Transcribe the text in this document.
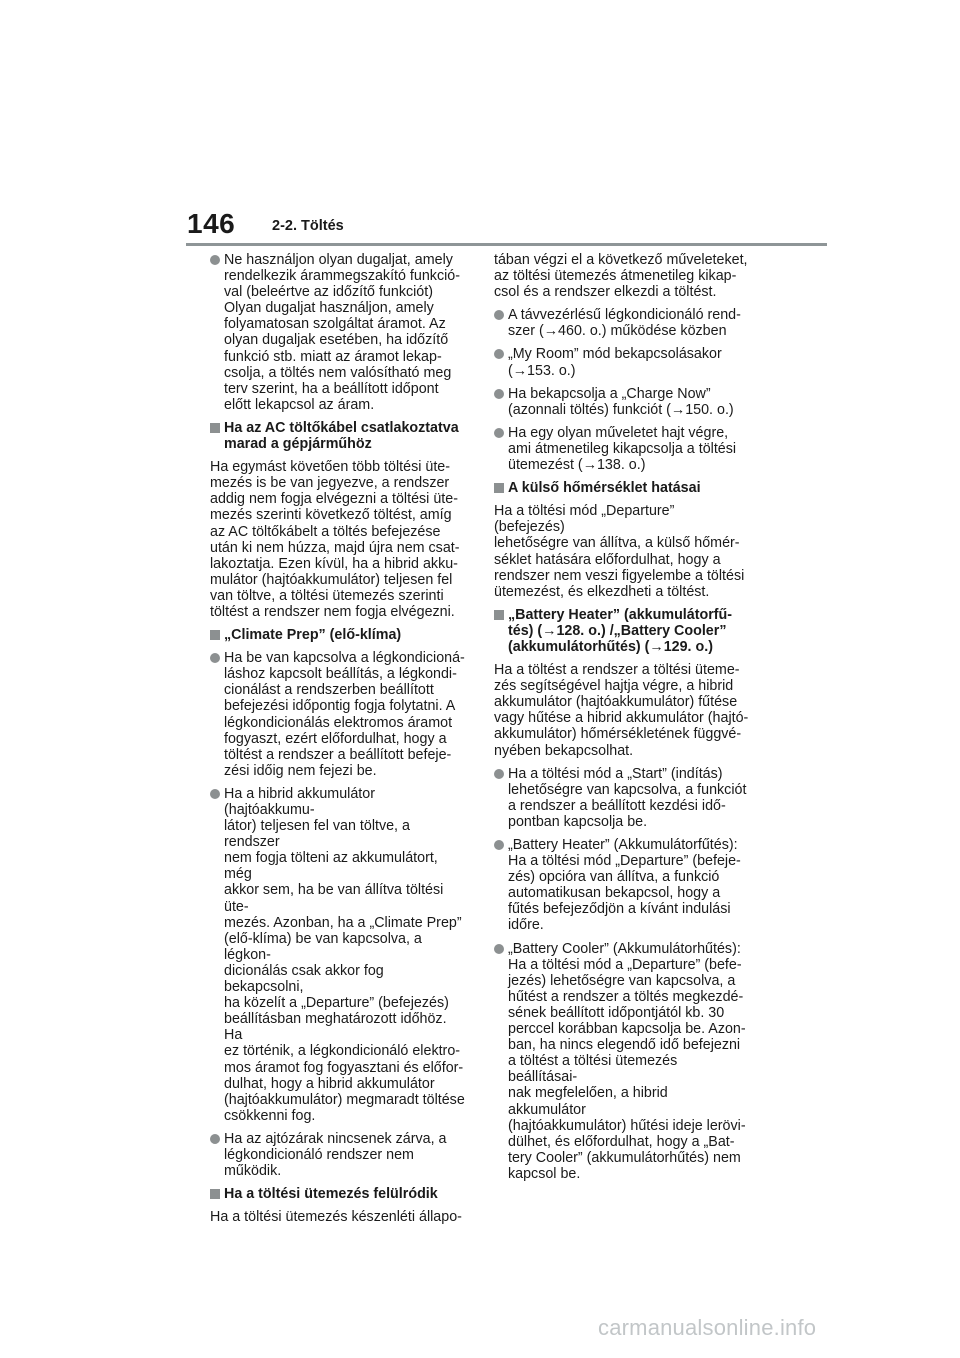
146	2-2. Töltés
Ne használjon olyan dugaljat, amely
rendelkezik árammegszakító funkció-
val (beleértve az időzítő funkciót)
Olyan dugaljat használjon, amely
folyamatosan szolgáltat áramot. Az
olyan dugaljak esetében, ha időzítő
funkció stb. miatt az áramot lekap-
csolja, a töltés nem valósítható meg
terv szerint, ha a beállított időpont
előtt lekapcsol az áram.
Ha az AC töltőkábel csatlakoztatva
marad a gépjárműhöz
Ha egymást követően több töltési üte-
mezés is be van jegyezve, a rendszer
addig nem fogja elvégezni a töltési üte-
mezés szerinti következő töltést, amíg
az AC töltőkábelt a töltés befejezése
után ki nem húzza, majd újra nem csat-
lakoztatja. Ezen kívül, ha a hibrid akku-
mulátor (hajtóakkumulátor) teljesen fel
van töltve, a töltési ütemezés szerinti
töltést a rendszer nem fogja elvégezni.
„Climate Prep” (elő-klíma)
Ha be van kapcsolva a légkondicioná-
láshoz kapcsolt beállítás, a légkondi-
cionálást a rendszerben beállított
befejezési időpontig fogja folytatni. A
légkondicionálás elektromos áramot
fogyaszt, ezért előfordulhat, hogy a
töltést a rendszer a beállított befeje-
zési időig nem fejezi be.
Ha a hibrid akkumulátor (hajtóakkumu-
látor) teljesen fel van töltve, a rendszer
nem fogja tölteni az akkumulátort, még
akkor sem, ha be van állítva töltési üte-
mezés. Azonban, ha a „Climate Prep”
(elő-klíma) be van kapcsolva, a légkon-
dicionálás csak akkor fog bekapcsolni,
ha közelít a „Departure” (befejezés)
beállításban meghatározott időhöz. Ha
ez történik, a légkondicionáló elektro-
mos áramot fog fogyasztani és előfor-
dulhat, hogy a hibrid akkumulátor
(hajtóakkumulátor) megmaradt töltése
csökkenni fog.
Ha az ajtózárak nincsenek zárva, a
légkondicionáló rendszer nem
működik.
Ha a töltési ütemezés felülródik
Ha a töltési ütemezés készenléti állapo-
tában végzi el a következő műveleteket,
az töltési ütemezés átmenetileg kikap-
csol és a rendszer elkezdi a töltést.
A távvezérlésű légkondicionáló rend-
szer (→460. o.) működése közben
„My Room” mód bekapcsolásakor
(→153. o.)
Ha bekapcsolja a „Charge Now”
(azonnali töltés) funkciót (→150. o.)
Ha egy olyan műveletet hajt végre,
ami átmenetileg kikapcsolja a töltési
ütemezést (→138. o.)
A külső hőmérséklet hatásai
Ha a töltési mód „Departure” (befejezés)
lehetőségre van állítva, a külső hőmér-
séklet hatására előfordulhat, hogy a
rendszer nem veszi figyelembe a töltési
ütemezést, és elkezdheti a töltést.
„Battery Heater” (akkumulátorfű-
tés) (→128. o.) /„Battery Cooler”
(akkumulátorhűtés) (→129. o.)
Ha a töltést a rendszer a töltési üteme-
zés segítségével hajtja végre, a hibrid
akkumulátor (hajtóakkumulátor) fűtése
vagy hűtése a hibrid akkumulátor (hajtó-
akkumulátor) hőmérsékletének függvé-
nyében bekapcsolhat.
Ha a töltési mód a „Start” (indítás)
lehetőségre van kapcsolva, a funkciót
a rendszer a beállított kezdési idő-
pontban kapcsolja be.
„Battery Heater” (Akkumulátorfűtés):
Ha a töltési mód „Departure” (befeje-
zés) opcióra van állítva, a funkció
automatikusan bekapcsol, hogy a
fűtés befejeződjön a kívánt indulási
időre.
„Battery Cooler” (Akkumulátorhűtés):
Ha a töltési mód a „Departure” (befe-
jezés) lehetőségre van kapcsolva, a
hűtést a rendszer a töltés megkezdé-
sének beállított időpontjától kb. 30
perccel korábban kapcsolja be. Azon-
ban, ha nincs elegendő idő befejezni
a töltést a töltési ütemezés beállításai-
nak megfelelően, a hibrid akkumulátor
(hajtóakkumulátor) hűtési ideje lerövi-
dülhet, és előfordulhat, hogy a „Bat-
tery Cooler” (akkumulátorhűtés) nem
kapcsol be.
carmanualsonline.info
